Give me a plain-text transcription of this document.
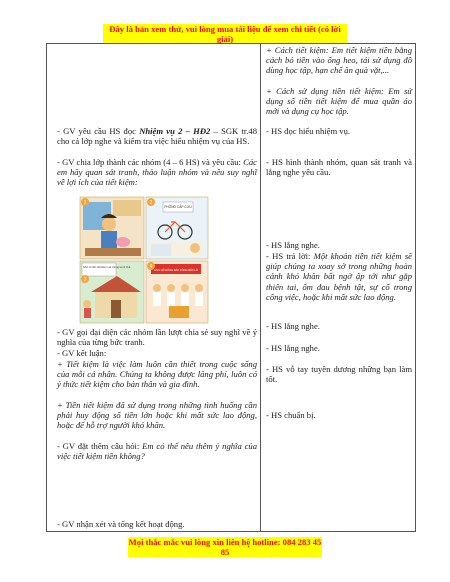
Đây là bản xem thử, vui lòng mua tài liệu để xem chi tiết (có lời giải)

- GV yêu cầu HS đọc Nhiệm vụ 2 – HĐ2 – SGK tr.48 cho cả lớp nghe và kiểm tra việc hiểu nhiệm vụ của HS.

- GV chia lớp thành các nhóm (4 – 6 HS) và yêu cầu: Các em hãy quan sát tranh, thảo luận nhóm và nêu suy nghĩ về lợi ích của tiết kiệm:

1	2
3
4
PHÒNG CẤP CỨU
Nhờ có tiền tiết kiệm mà chúng ta có nhà
ỦNG HỘ ĐỒNG BÀO VÙNG BÃO LŨ

- GV gọi đại diện các nhóm lần lượt chia sẻ suy nghĩ về ý nghĩa của từng bức tranh.

- GV kết luận:

+ Tiết kiệm là việc làm luôn cần thiết trong cuộc sống của mỗi cá nhân. Chúng ta không được lãng phí, luôn có ý thức tiết kiệm cho bản thân và gia đình.

+ Tiền tiết kiệm đã sử dụng trong những tình huống cần phải huy động số tiền lớn hoặc khi mất sức lao động, hoặc để hỗ trợ người khó khăn.

- GV đặt thêm câu hỏi: Em có thể nêu thêm ý nghĩa của việc tiết kiệm tiền không?

- GV nhận xét và tổng kết hoạt động.

+ Cách tiết kiệm: Em tiết kiệm tiền bằng cách bỏ tiền vào ống heo, tái sử dụng đồ dùng học tập, hạn chế ăn quà vặt,...

+ Cách sử dụng tiền tiết kiệm: Em sử dụng số tiền tiết kiệm để mua quần áo mới và dụng cụ học tập.

- HS đọc hiểu nhiệm vụ.

- HS hình thành nhóm, quan sát tranh và lắng nghe yêu cầu.

- HS lắng nghe.

- HS trả lời: Một khoản tiền tiết kiệm sẽ giúp chúng ta xoay sở trong những hoàn cảnh khó khăn bất ngờ ập tới như gặp thiên tai, ốm đau bệnh tật, sự cố trong công việc, hoặc khi mất sức lao động.

- HS lắng nghe.

- HS lắng nghe.

- HS vỗ tay tuyên dương những bạn làm tốt.

- HS chuẩn bị.

Mọi thắc mắc vui lòng xin liên hệ hotline: 084 283 45 85
